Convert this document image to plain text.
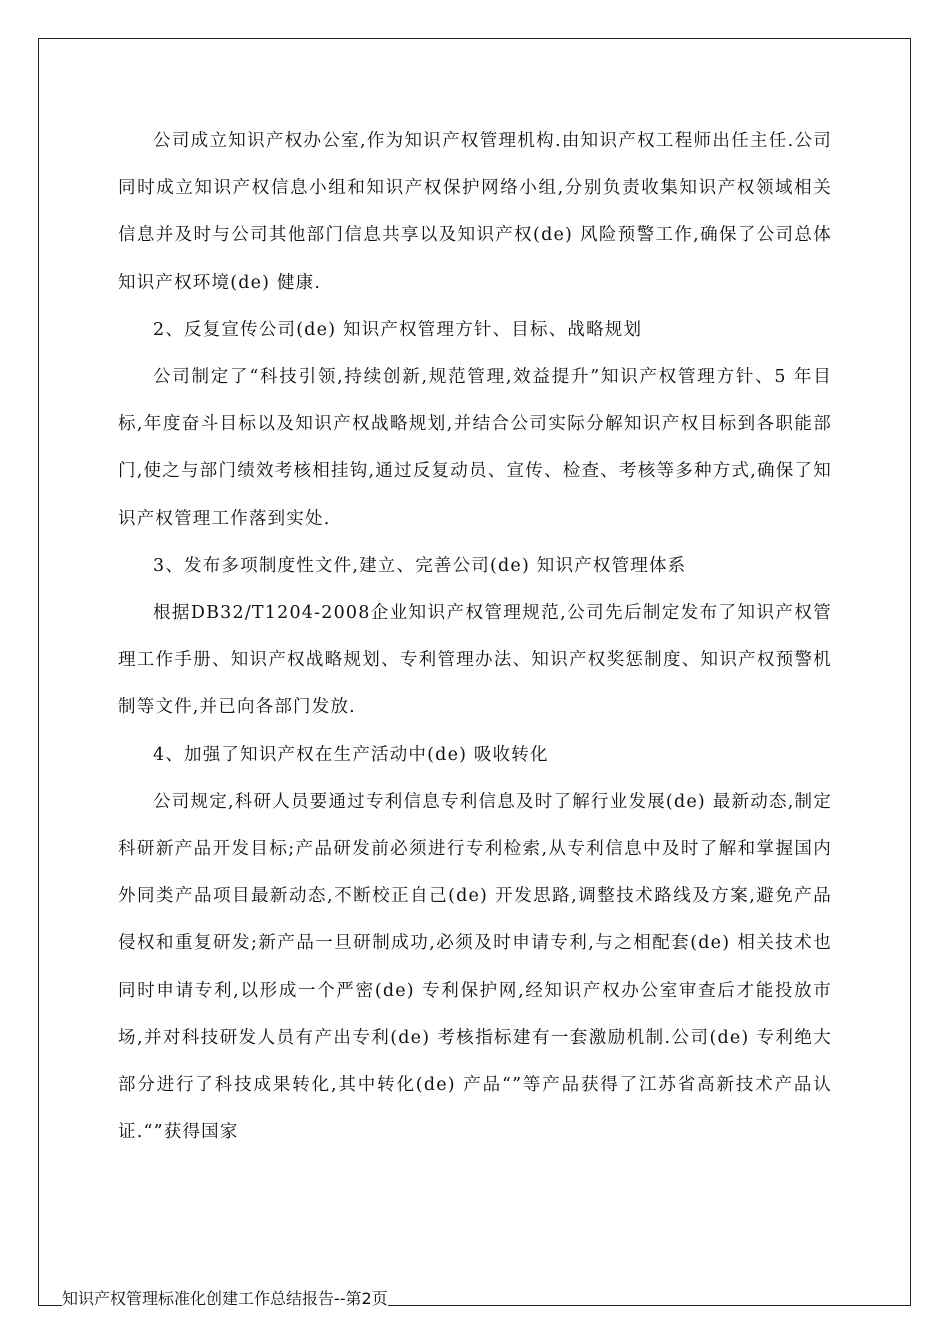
公司成立知识产权办公室,作为知识产权管理机构.由知识产权工程师出任主任.公司同时成立知识产权信息小组和知识产权保护网络小组,分别负责收集知识产权领域相关信息并及时与公司其他部门信息共享以及知识产权(de) 风险预警工作,确保了公司总体知识产权环境(de) 健康.

2、反复宣传公司(de) 知识产权管理方针、目标、战略规划

公司制定了“科技引领,持续创新,规范管理,效益提升”知识产权管理方针、5 年目标,年度奋斗目标以及知识产权战略规划,并结合公司实际分解知识产权目标到各职能部门,使之与部门绩效考核相挂钩,通过反复动员、宣传、检查、考核等多种方式,确保了知识产权管理工作落到实处.

3、发布多项制度性文件,建立、完善公司(de) 知识产权管理体系

根据DB32/T1204-2008企业知识产权管理规范,公司先后制定发布了知识产权管理工作手册、知识产权战略规划、专利管理办法、知识产权奖惩制度、知识产权预警机制等文件,并已向各部门发放.

4、加强了知识产权在生产活动中(de) 吸收转化

公司规定,科研人员要通过专利信息专利信息及时了解行业发展(de) 最新动态,制定科研新产品开发目标;产品研发前必须进行专利检索,从专利信息中及时了解和掌握国内外同类产品项目最新动态,不断校正自己(de) 开发思路,调整技术路线及方案,避免产品侵权和重复研发;新产品一旦研制成功,必须及时申请专利,与之相配套(de) 相关技术也同时申请专利,以形成一个严密(de) 专利保护网,经知识产权办公室审查后才能投放市场,并对科技研发人员有产出专利(de) 考核指标建有一套激励机制.公司(de) 专利绝大部分进行了科技成果转化,其中转化(de) 产品“”等产品获得了江苏省高新技术产品认证.“”获得国家

知识产权管理标准化创建工作总结报告--第2页
